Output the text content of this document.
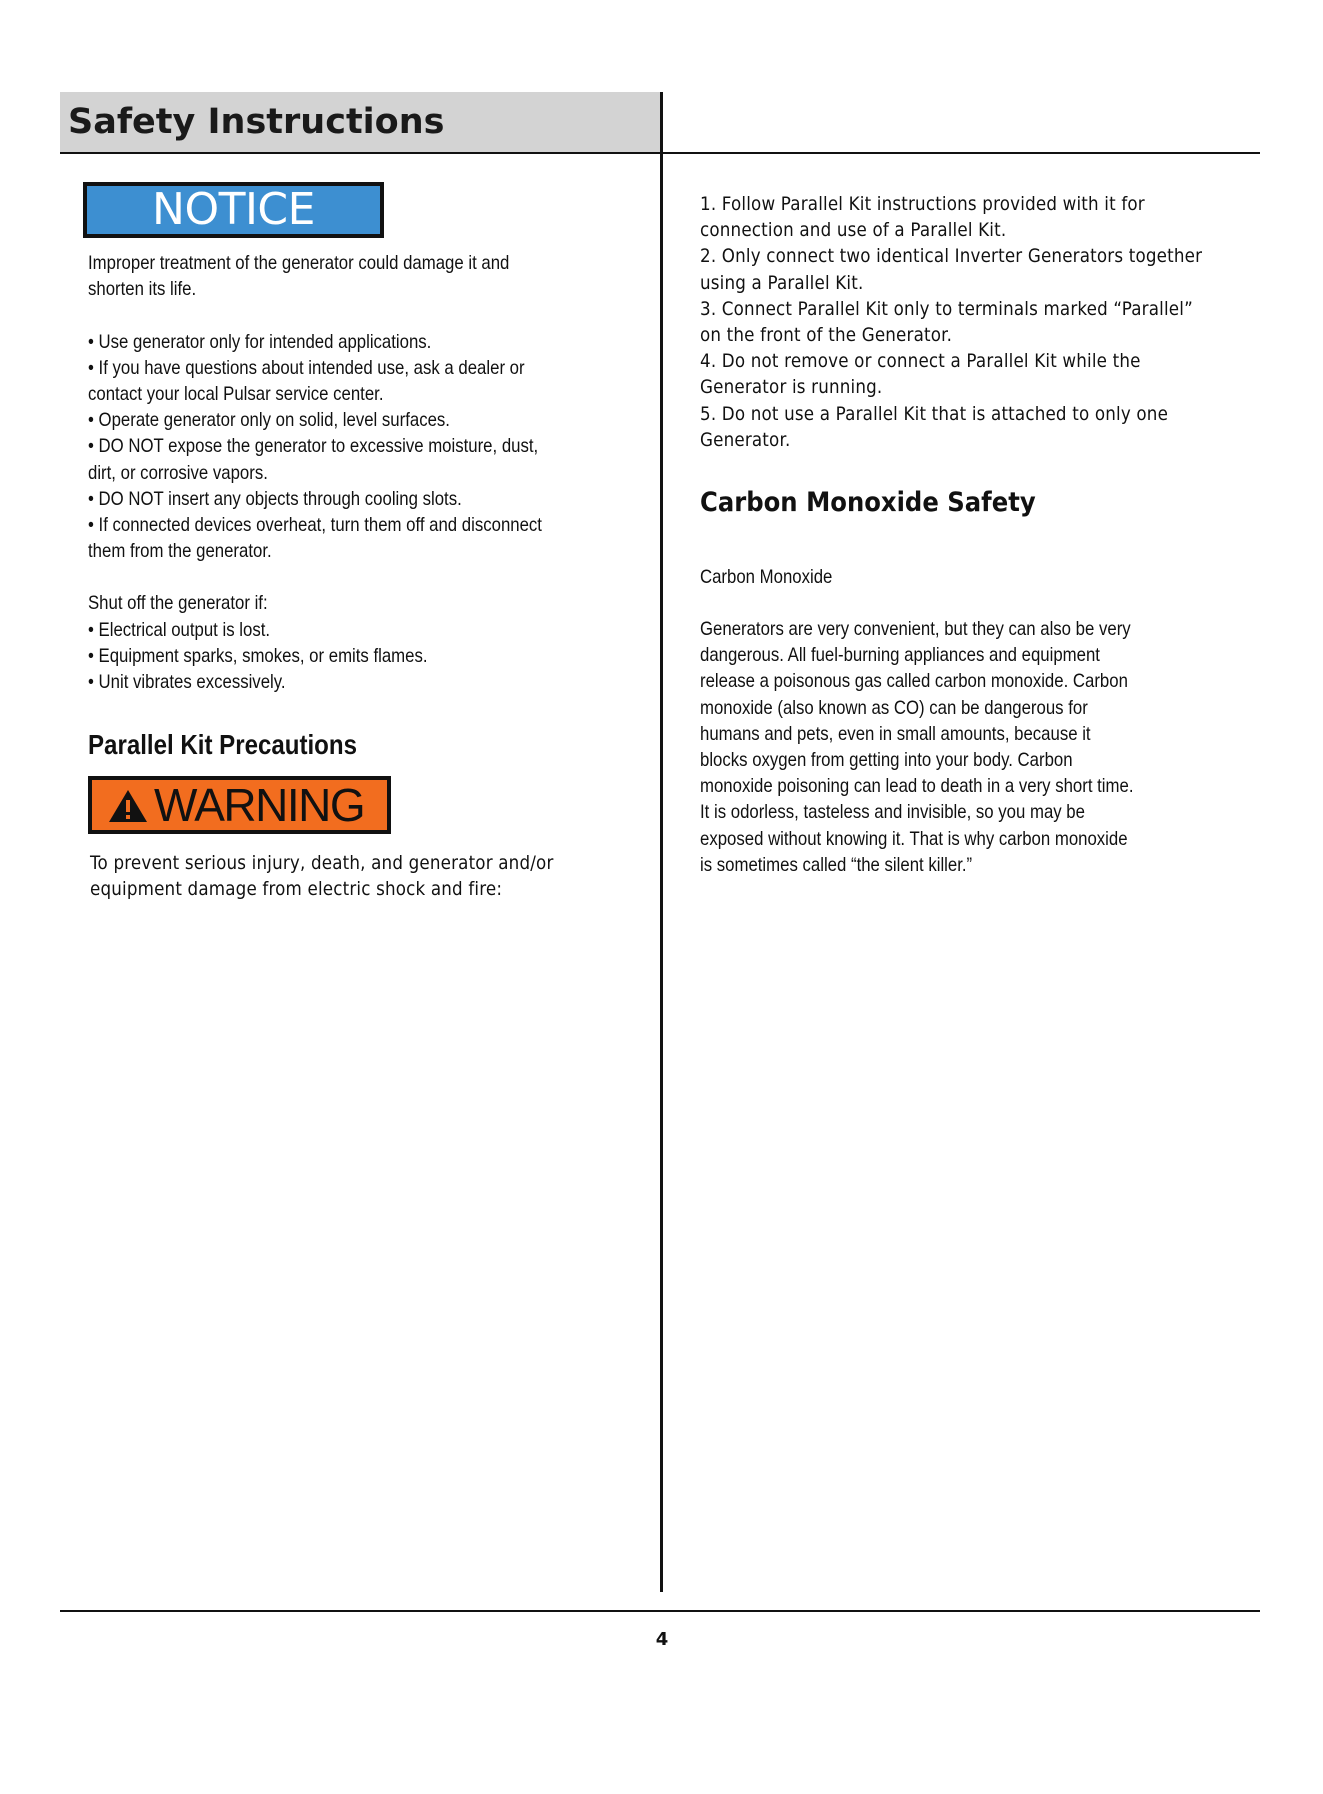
Safety Instructions
NOTICE
Improper treatment of the generator could damage it and
shorten its life.
• Use generator only for intended applications.
• If you have questions about intended use, ask a dealer or
contact your local Pulsar service center.
• Operate generator only on solid, level surfaces.
• DO NOT expose the generator to excessive moisture, dust,
dirt, or corrosive vapors.
• DO NOT insert any objects through cooling slots.
• If connected devices overheat, turn them off and disconnect
them from the generator.
Shut off the generator if:
• Electrical output is lost.
• Equipment sparks, smokes, or emits flames.
• Unit vibrates excessively.
Parallel Kit Precautions
WARNING
To prevent serious injury, death, and generator and/or
equipment damage from electric shock and fire:
1. Follow Parallel Kit instructions provided with it for
connection and use of a Parallel Kit.
2. Only connect two identical Inverter Generators together
using a Parallel Kit.
3. Connect Parallel Kit only to terminals marked “Parallel”
on the front of the Generator.
4. Do not remove or connect a Parallel Kit while the
Generator is running.
5. Do not use a Parallel Kit that is attached to only one
Generator.
Carbon Monoxide Safety
Carbon Monoxide
Generators are very convenient, but they can also be very
dangerous. All fuel-burning appliances and equipment
release a poisonous gas called carbon monoxide. Carbon
monoxide (also known as CO) can be dangerous for
humans and pets, even in small amounts, because it
blocks oxygen from getting into your body. Carbon
monoxide poisoning can lead to death in a very short time.
It is odorless, tasteless and invisible, so you may be
exposed without knowing it. That is why carbon monoxide
is sometimes called “the silent killer.”
4
